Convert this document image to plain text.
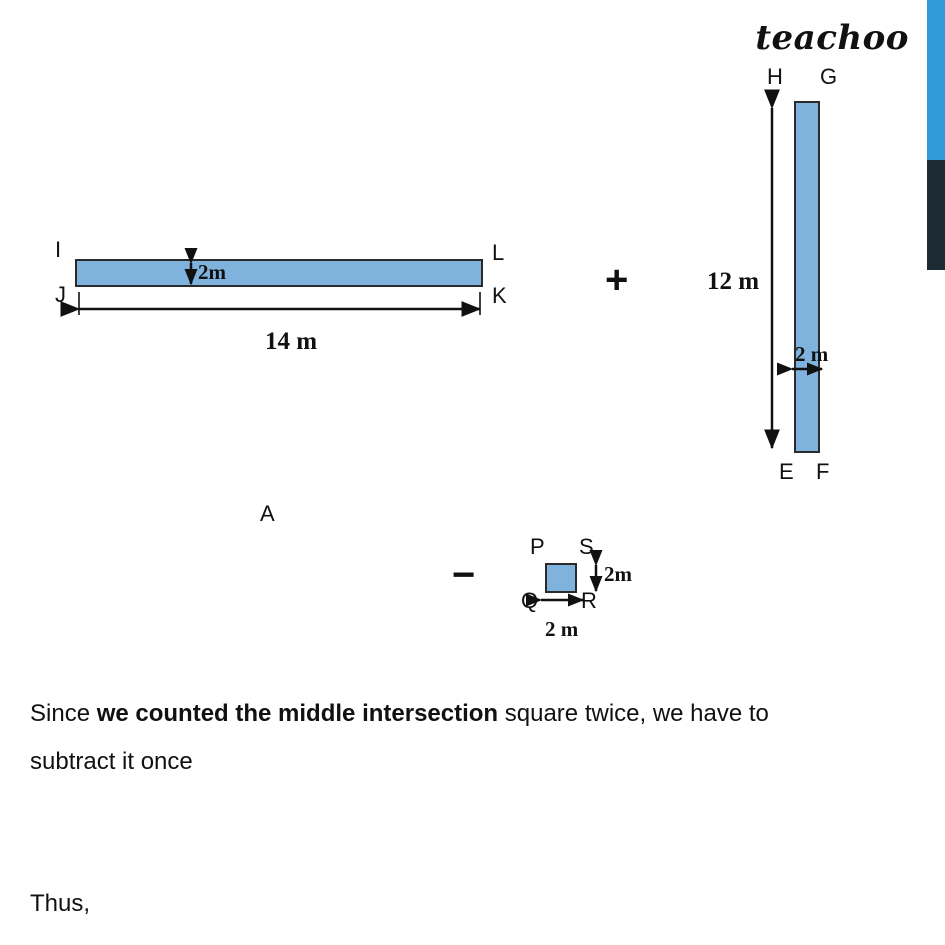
teachoo
I
J
L
K
2m
14 m
+
H G
E F
12 m
2 m
A
−
P S
Q R
2m
2 m
Since we counted the middle intersection square twice, we have to
subtract it once
Thus,
